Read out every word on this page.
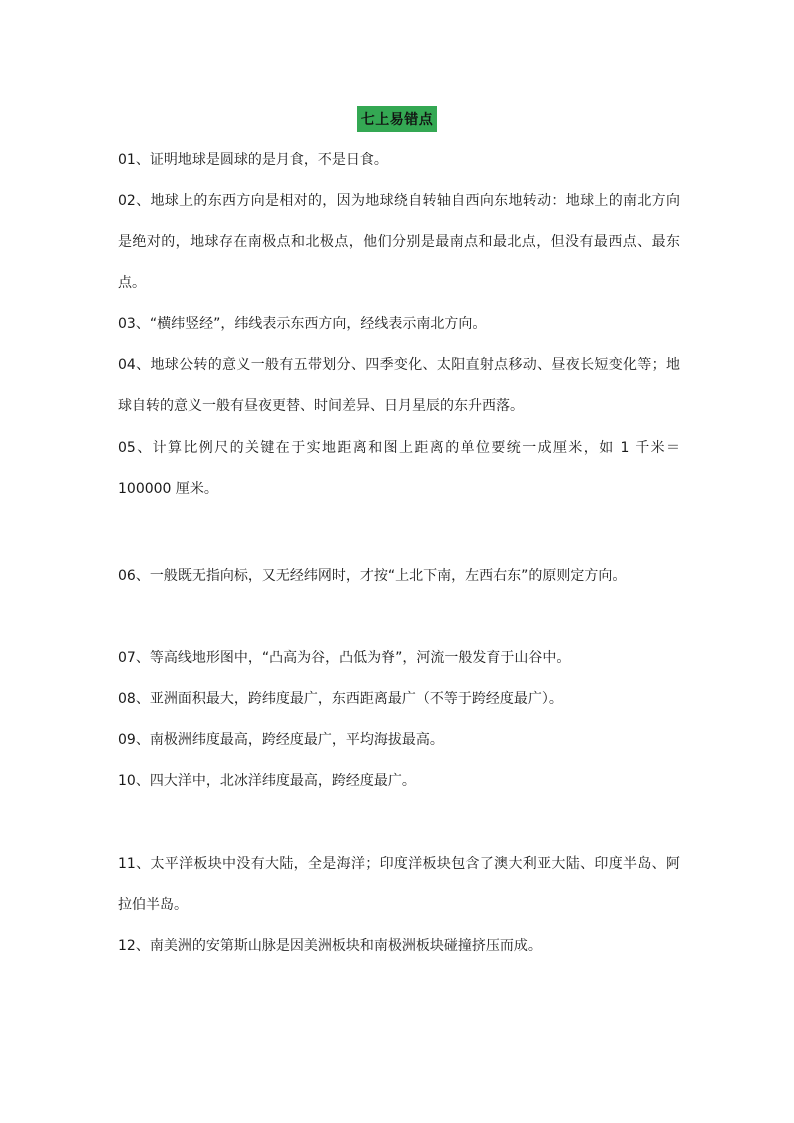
七上易错点

01、证明地球是圆球的是月食，不是日食。

02、地球上的东西方向是相对的，因为地球绕自转轴自西向东地转动：地球上的南北方向是绝对的，地球存在南极点和北极点，他们分别是最南点和最北点，但没有最西点、最东点。

03、“横纬竖经”，纬线表示东西方向，经线表示南北方向。

04、地球公转的意义一般有五带划分、四季变化、太阳直射点移动、昼夜长短变化等；地球自转的意义一般有昼夜更替、时间差异、日月星辰的东升西落。

05、计算比例尺的关键在于实地距离和图上距离的单位要统一成厘米，如 1 千米＝100000 厘米。

06、一般既无指向标，又无经纬网时，才按“上北下南，左西右东”的原则定方向。

07、等高线地形图中，“凸高为谷，凸低为脊”，河流一般发育于山谷中。

08、亚洲面积最大，跨纬度最广，东西距离最广（不等于跨经度最广）。

09、南极洲纬度最高，跨经度最广，平均海拔最高。

10、四大洋中，北冰洋纬度最高，跨经度最广。

11、太平洋板块中没有大陆，全是海洋；印度洋板块包含了澳大利亚大陆、印度半岛、阿拉伯半岛。

12、南美洲的安第斯山脉是因美洲板块和南极洲板块碰撞挤压而成。
